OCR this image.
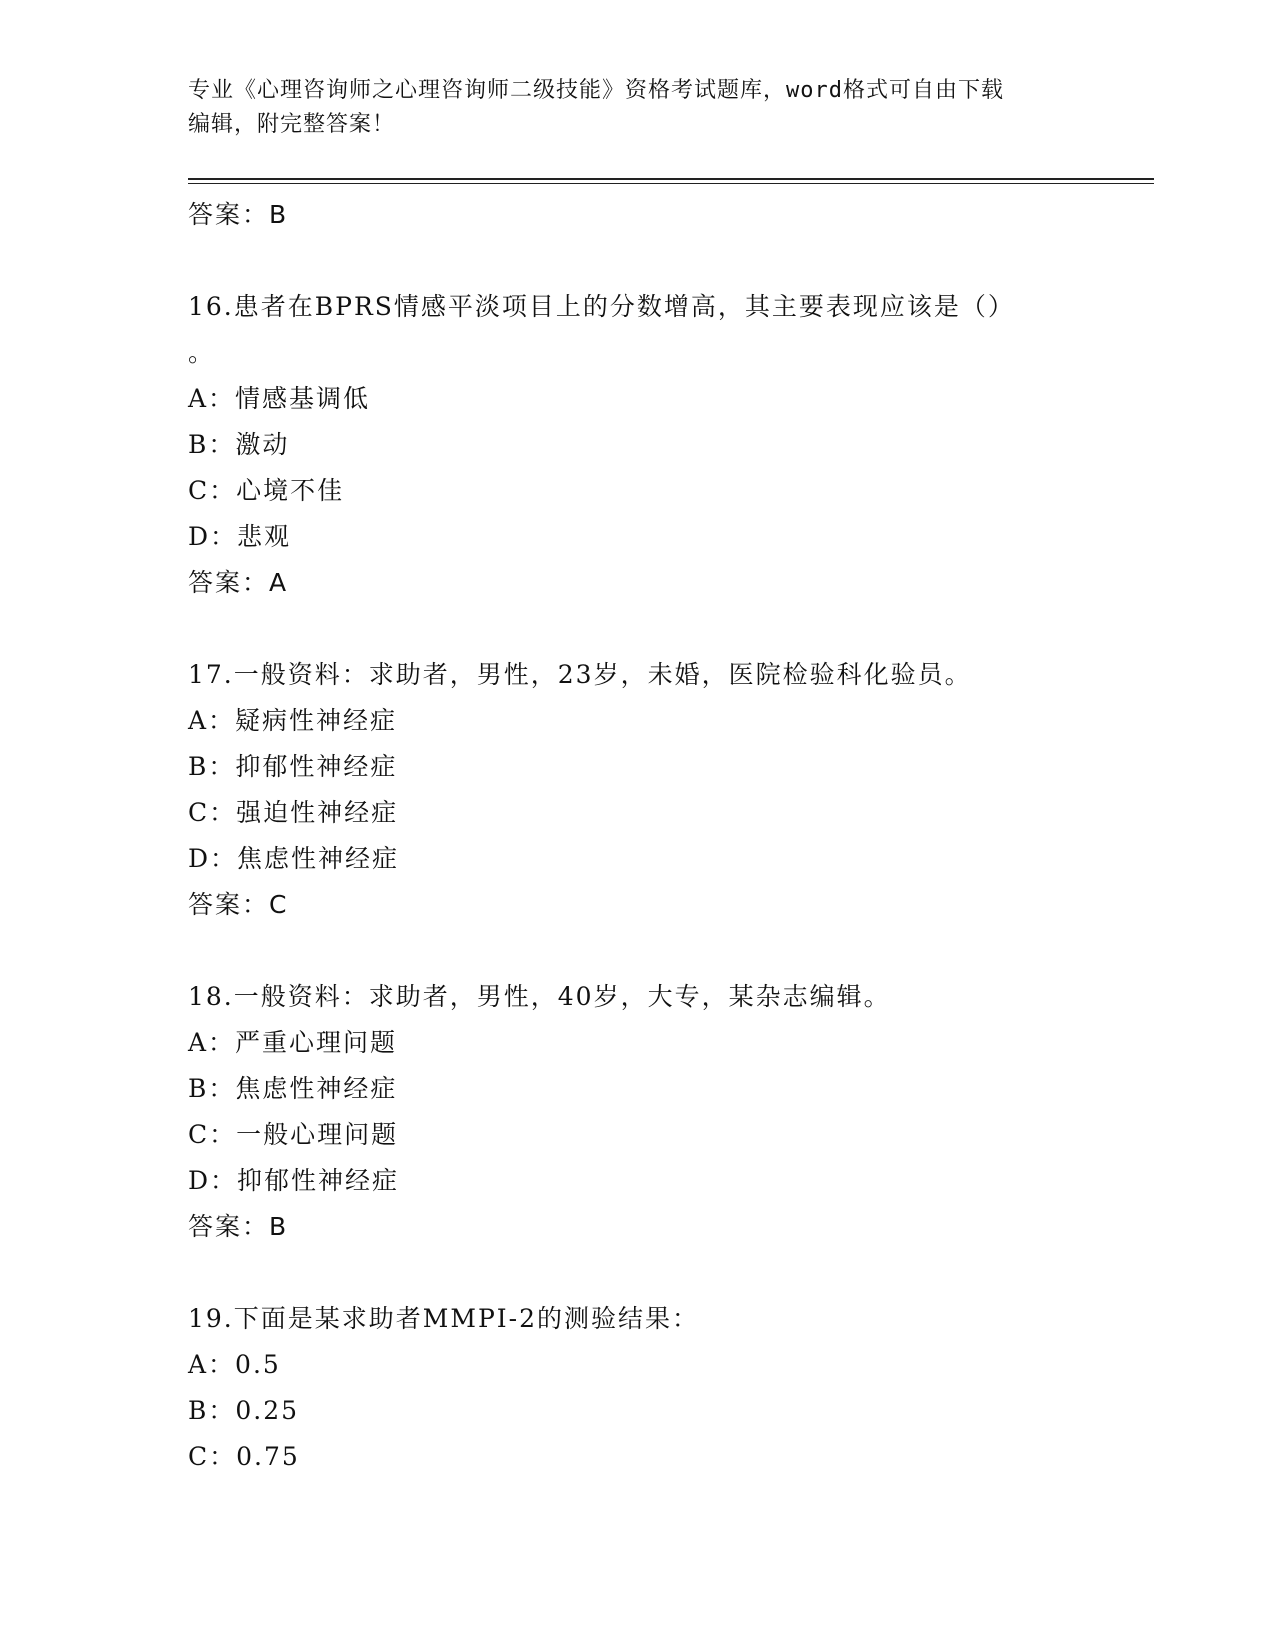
专业《心理咨询师之心理咨询师二级技能》资格考试题库，word格式可自由下载
编辑，附完整答案！
答案：B
16.患者在BPRS情感平淡项目上的分数增高，其主要表现应该是（）
。
A：情感基调低
B：激动
C：心境不佳
D：悲观
答案：A
17.一般资料：求助者，男性，23岁，未婚，医院检验科化验员。
A：疑病性神经症
B：抑郁性神经症
C：强迫性神经症
D：焦虑性神经症
答案：C
18.一般资料：求助者，男性，40岁，大专，某杂志编辑。
A：严重心理问题
B：焦虑性神经症
C：一般心理问题
D：抑郁性神经症
答案：B
19.下面是某求助者MMPI-2的测验结果：
A：0.5
B：0.25
C：0.75
